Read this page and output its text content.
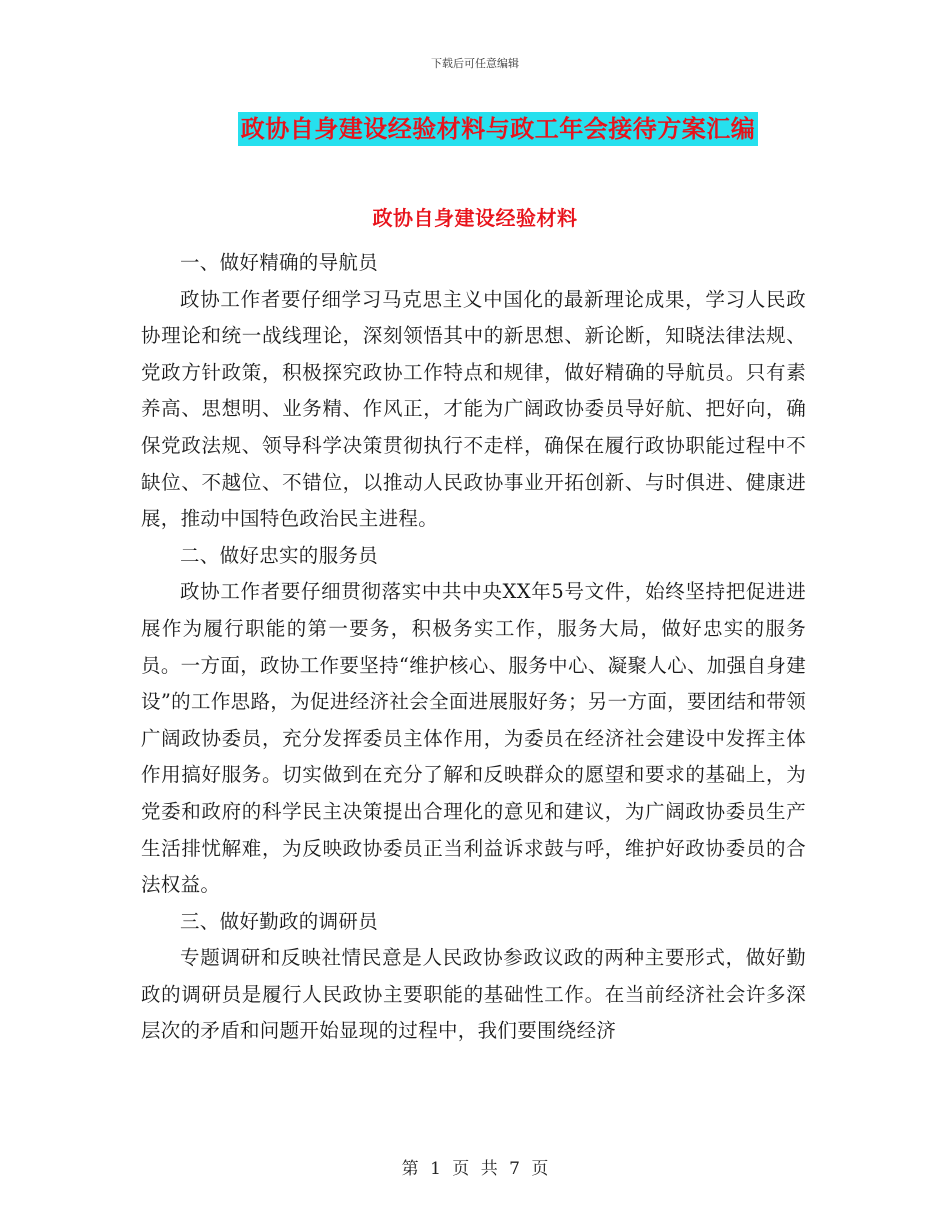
下载后可任意编辑
政协自身建设经验材料与政工年会接待方案汇编
政协自身建设经验材料

一、做好精确的导航员

政协工作者要仔细学习马克思主义中国化的最新理论成果，学习人民政协理论和统一战线理论，深刻领悟其中的新思想、新论断，知晓法律法规、党政方针政策，积极探究政协工作特点和规律，做好精确的导航员。只有素养高、思想明、业务精、作风正，才能为广阔政协委员导好航、把好向，确保党政法规、领导科学决策贯彻执行不走样，确保在履行政协职能过程中不缺位、不越位、不错位，以推动人民政协事业开拓创新、与时俱进、健康进展，推动中国特色政治民主进程。

二、做好忠实的服务员

政协工作者要仔细贯彻落实中共中央XX年5号文件，始终坚持把促进进展作为履行职能的第一要务，积极务实工作，服务大局，做好忠实的服务员。一方面，政协工作要坚持“维护核心、服务中心、凝聚人心、加强自身建设”的工作思路，为促进经济社会全面进展服好务；另一方面，要团结和带领广阔政协委员，充分发挥委员主体作用，为委员在经济社会建设中发挥主体作用搞好服务。切实做到在充分了解和反映群众的愿望和要求的基础上，为党委和政府的科学民主决策提出合理化的意见和建议，为广阔政协委员生产生活排忧解难，为反映政协委员正当利益诉求鼓与呼，维护好政协委员的合法权益。

三、做好勤政的调研员

专题调研和反映社情民意是人民政协参政议政的两种主要形式，做好勤政的调研员是履行人民政协主要职能的基础性工作。在当前经济社会许多深层次的矛盾和问题开始显现的过程中，我们要围绕经济

第 1 页 共 7 页
